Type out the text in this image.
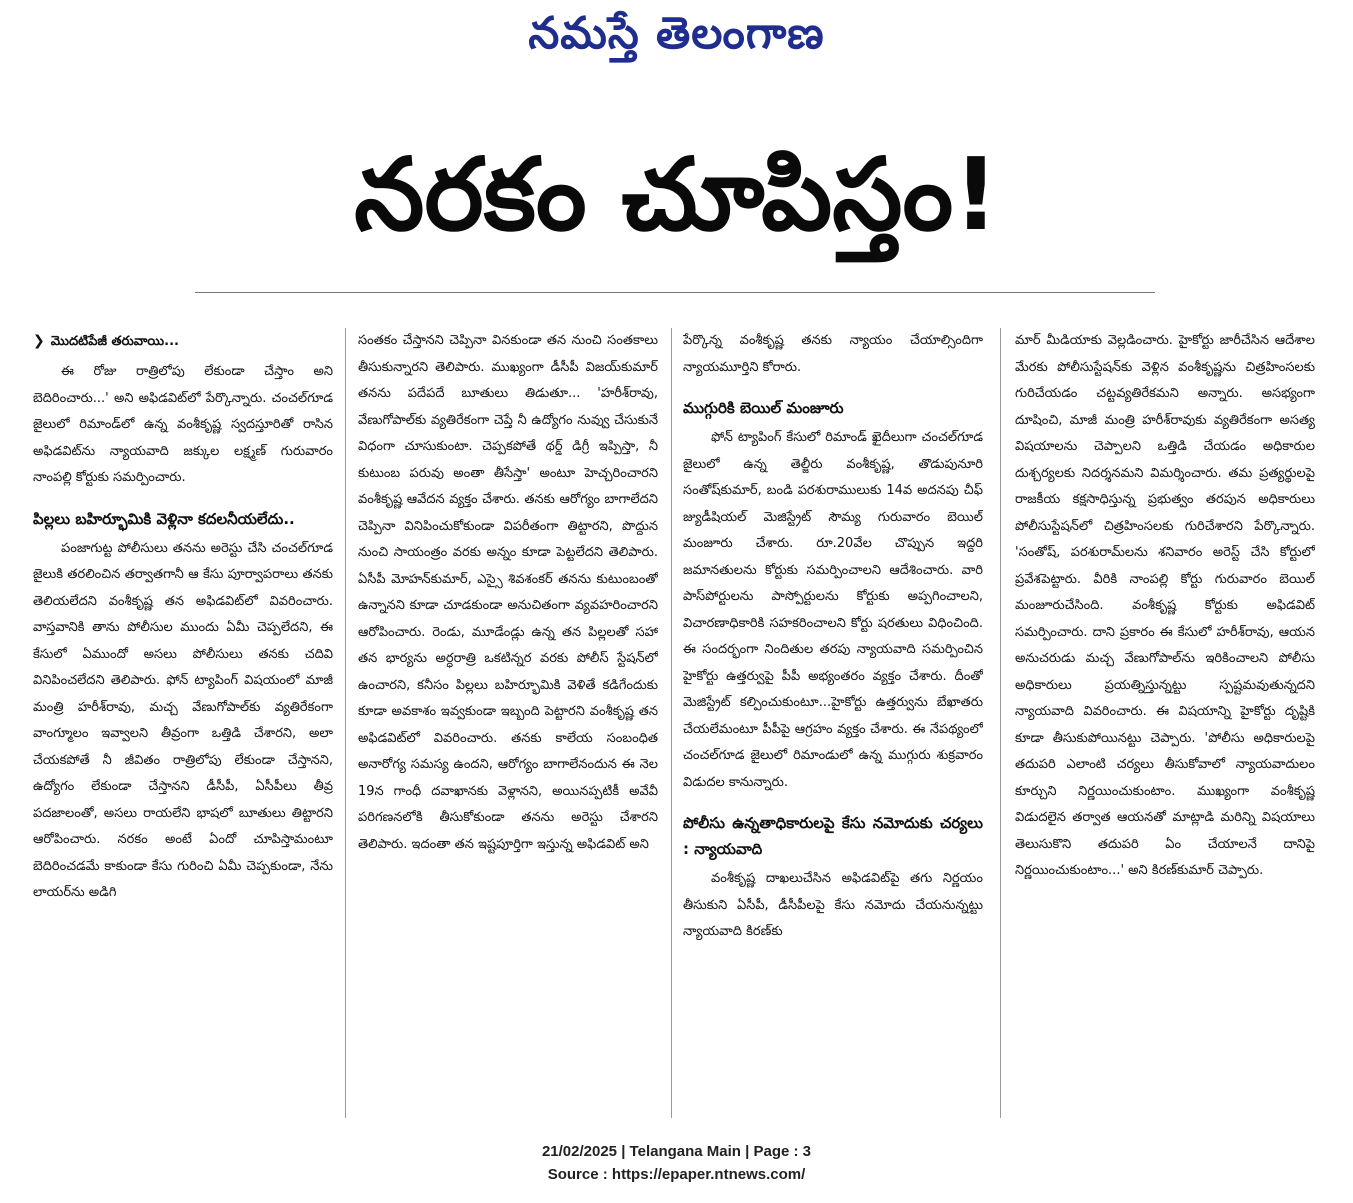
నమస్తే తెలంగాణ
నరకం చూపిస్తం!
❯ మొదటిపేజీ తరువాయి...

ఈ రోజు రాత్రిలోపు లేకుండా చేస్తాం అని బెదిరించారు...' అని అఫిడవిట్‌లో పేర్కొన్నారు. చంచల్‌గూడ జైలులో రిమాండ్‌లో ఉన్న వంశీకృష్ణ స్వదస్తూరితో రాసిన అఫిడవిట్‌ను న్యాయవాది జక్కుల లక్ష్మణ్ గురువారం నాంపల్లి కోర్టుకు సమర్పించారు.

పిల్లలు బహిర్భూమికి వెళ్లినా కదలనీయలేదు..

పంజాగుట్ట పోలీసులు తనను అరెస్టు చేసి చంచల్‌గూడ జైలుకి తరలించిన తర్వాతగానీ ఆ కేసు పూర్వాపరాలు తనకు తెలియలేదని వంశీకృష్ణ తన అఫిడవిట్‌లో వివరించారు. వాస్తవానికి తాను పోలీసుల ముందు ఏమీ చెప్పలేదని, ఈ కేసులో ఏముందో అసలు పోలీసులు తనకు చదివి వినిపించలేదని తెలిపారు. ఫోన్ ట్యాపింగ్ విషయంలో మాజీ మంత్రి హరీశ్‌రావు, మచ్చ వేణుగోపాల్‌కు వ్యతిరేకంగా వాంగ్మూలం ఇవ్వాలని తీవ్రంగా ఒత్తిడి చేశారని, అలా చేయకపోతే నీ జీవితం రాత్రిలోపు లేకుండా చేస్తానని, ఉద్యోగం లేకుండా చేస్తానని డీసీపీ, ఏసీపీలు తీవ్ర పదజాలంతో, అసలు రాయలేని భాషలో బూతులు తిట్టారని ఆరోపించారు. నరకం అంటే ఏందో చూపిస్తామంటూ బెదిరించడమే కాకుండా కేసు గురించి ఏమీ చెప్పకుండా, నేను లాయర్‌ను అడిగి

సంతకం చేస్తానని చెప్పినా వినకుండా తన నుంచి సంతకాలు తీసుకున్నారని తెలిపారు. ముఖ్యంగా డీసీపీ విజయ్‌కుమార్ తనను పదేపదే బూతులు తిడుతూ... 'హరీశ్‌రావు, వేణుగోపాల్‌కు వ్యతిరేకంగా చెప్తే నీ ఉద్యోగం నువ్వు చేసుకునే విధంగా చూసుకుంటా. చెప్పకపోతే థర్డ్ డిగ్రీ ఇప్పిస్తా, నీ కుటుంబ పరువు అంతా తీసేస్తా' అంటూ హెచ్చరించారని వంశీకృష్ణ ఆవేదన వ్యక్తం చేశారు. తనకు ఆరోగ్యం బాగాలేదని చెప్పినా వినిపించుకోకుండా విపరీతంగా తిట్టారని, పొద్దున నుంచి సాయంత్రం వరకు అన్నం కూడా పెట్టలేదని తెలిపారు. ఏసీపీ మోహన్‌కుమార్, ఎస్సై శివశంకర్ తనను కుటుంబంతో ఉన్నానని కూడా చూడకుండా అనుచితంగా వ్యవహరించారని ఆరోపించారు. రెండు, మూడేండ్లు ఉన్న తన పిల్లలతో సహా తన భార్యను అర్ధరాత్రి ఒకటిన్నర వరకు పోలీస్ స్టేషన్‌లో ఉంచారని, కనీసం పిల్లలు బహిర్భూమికి వెళితే కడిగేందుకు కూడా అవకాశం ఇవ్వకుండా ఇబ్బంది పెట్టారని వంశీకృష్ణ తన అఫిడవిట్‌లో వివరించారు. తనకు కాలేయ సంబంధిత అనారోగ్య సమస్య ఉందని, ఆరోగ్యం బాగాలేనందున ఈ నెల 19న గాంధీ దవాఖానకు వెళ్లానని, అయినప్పటికీ అవేవీ పరిగణనలోకి తీసుకోకుండా తనను అరెస్టు చేశారని తెలిపారు. ఇదంతా తన ఇష్టపూర్తిగా ఇస్తున్న అఫిడవిట్ అని

పేర్కొన్న వంశీకృష్ణ తనకు న్యాయం చేయాల్సిందిగా న్యాయమూర్తిని కోరారు.

ముగ్గురికి బెయిల్ మంజూరు

ఫోన్ ట్యాపింగ్ కేసులో రిమాండ్ ఖైదీలుగా చంచల్‌గూడ జైలులో ఉన్న తెల్జీరు వంశీకృష్ణ, తొడుపునూరి సంతోష్‌కుమార్, బండి పరశురాములుకు 14వ అదనపు చీఫ్ జ్యుడీషియల్ మెజిస్ట్రేట్ సౌమ్య గురువారం బెయిల్ మంజూరు చేశారు. రూ.20వేల చొప్పున ఇద్దరి జమానతులను కోర్టుకు సమర్పించాలని ఆదేశించారు. వారి పాస్‌పోర్టులను పాస్పోర్టులను కోర్టుకు అప్పగించాలని, విచారణాధికారికి సహకరించాలని కోర్టు షరతులు విధించింది. ఈ సందర్భంగా నిందితుల తరపు న్యాయవాది సమర్పించిన హైకోర్టు ఉత్తర్వుపై పీపీ అభ్యంతరం వ్యక్తం చేశారు. దీంతో మెజిస్ట్రేట్ కల్పించుకుంటూ...హైకోర్టు ఉత్తర్వును బేఖాతరు చేయలేమంటూ పీపీపై ఆగ్రహం వ్యక్తం చేశారు. ఈ నేపథ్యంలో చంచల్‌గూడ జైలులో రిమాండులో ఉన్న ముగ్గురు శుక్రవారం విడుదల కానున్నారు.

పోలీసు ఉన్నతాధికారులపై కేసు నమోదుకు చర్యలు : న్యాయవాది

వంశీకృష్ణ దాఖలుచేసిన అఫిడవిట్‌పై తగు నిర్ణయం తీసుకుని ఏసీపీ, డీసీపీలపై కేసు నమోదు చేయనున్నట్టు న్యాయవాది కిరణ్‌కు

మార్ మీడియాకు వెల్లడించారు. హైకోర్టు జారీచేసిన ఆదేశాల మేరకు పోలీసుస్టేషన్‌కు వెళ్లిన వంశీకృష్ణను చిత్రహింసలకు గురిచేయడం చట్టవ్యతిరేకమని అన్నారు. అసభ్యంగా దూషించి, మాజీ మంత్రి హరీశ్‌రావుకు వ్యతిరేకంగా అసత్య విషయాలను చెప్పాలని ఒత్తిడి చేయడం అధికారుల దుశ్చర్యలకు నిదర్శనమని విమర్శించారు. తమ ప్రత్యర్థులపై రాజకీయ కక్షసాధిస్తున్న ప్రభుత్వం తరపున అధికారులు పోలీసుస్టేషన్‌లో చిత్రహింసలకు గురిచేశారని పేర్కొన్నారు. 'సంతోష్, పరశురామ్‌లను శనివారం అరెస్ట్ చేసి కోర్టులో ప్రవేశపెట్టారు. వీరికి నాంపల్లి కోర్టు గురువారం బెయిల్ మంజూరుచేసింది. వంశీకృష్ణ కోర్టుకు అఫిడవిట్ సమర్పించారు. దాని ప్రకారం ఈ కేసులో హరీశ్‌రావు, ఆయన అనుచరుడు మచ్చ వేణుగోపాల్‌ను ఇరికించాలని పోలీసు అధికారులు ప్రయత్నిస్తున్నట్టు స్పష్టమవుతున్నదని న్యాయవాది వివరించారు. ఈ విషయాన్ని హైకోర్టు దృష్టికి కూడా తీసుకుపోయినట్టు చెప్పారు. 'పోలీసు అధికారులపై తదుపరి ఎలాంటి చర్యలు తీసుకోవాలో న్యాయవాదులం కూర్చుని నిర్ణయించుకుంటాం. ముఖ్యంగా వంశీకృష్ణ విడుదలైన తర్వాత ఆయనతో మాట్లాడి మరిన్ని విషయాలు తెలుసుకొని తదుపరి ఏం చేయాలనే దానిపై నిర్ణయించుకుంటాం...' అని కిరణ్‌కుమార్ చెప్పారు.

21/02/2025 | Telangana Main | Page : 3
Source : https://epaper.ntnews.com/
